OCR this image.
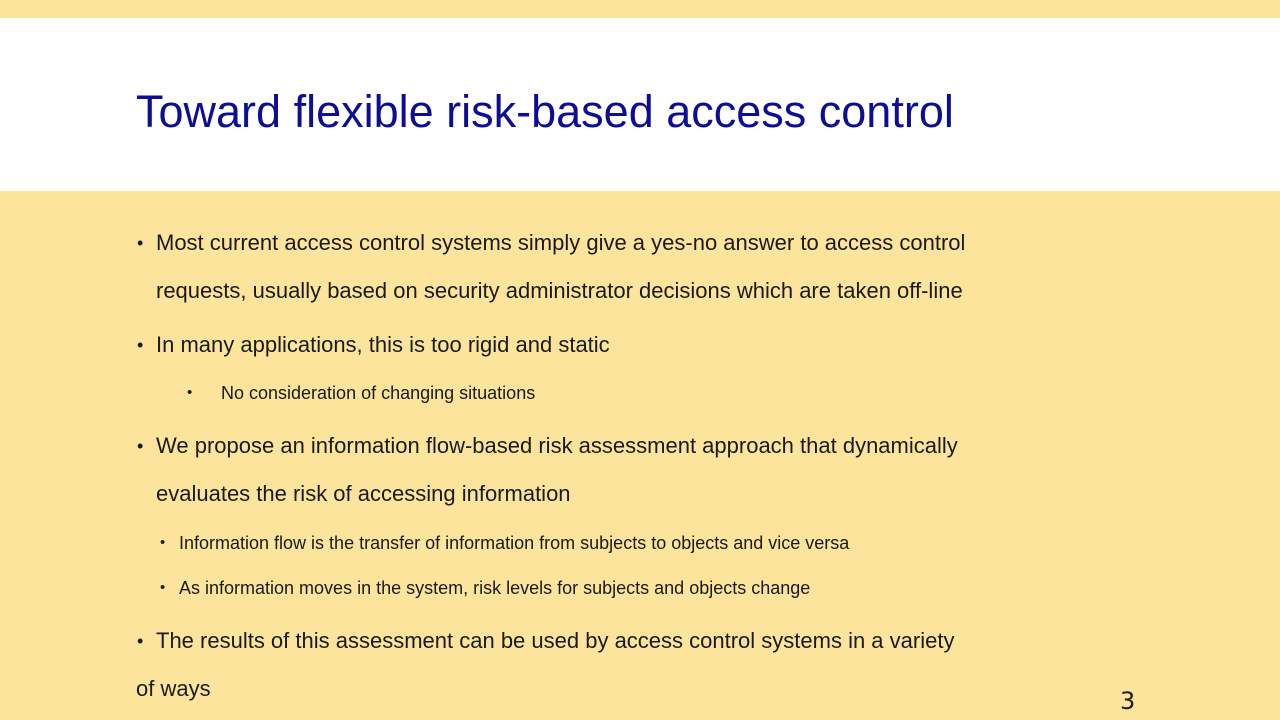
Toward flexible risk-based access control
• Most current access control systems simply give a yes-no answer to access control
requests, usually based on security administrator decisions which are taken off-line
• In many applications, this is too rigid and static
• No consideration of changing situations
• We propose an information flow-based risk assessment approach that dynamically
evaluates the risk of accessing information
• Information flow is the transfer of information from subjects to objects and vice versa
• As information moves in the system, risk levels for subjects and objects change
• The results of this assessment can be used by access control systems in a variety
of ways	3
